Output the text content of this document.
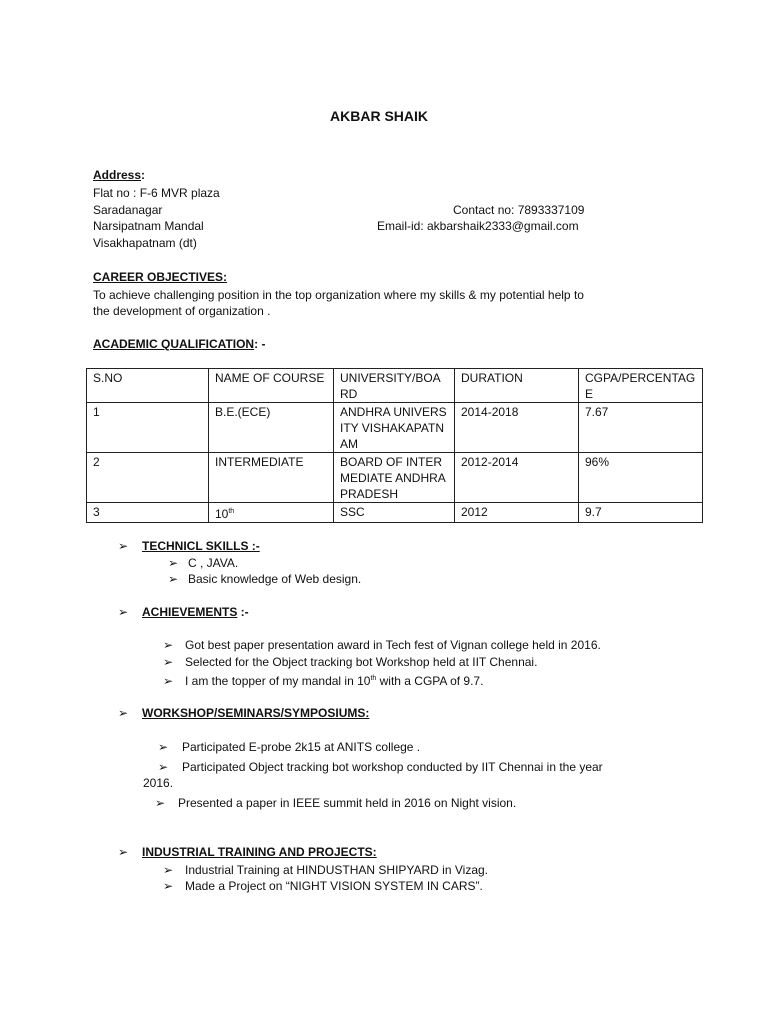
AKBAR SHAIK
Address:
Flat no : F-6 MVR plaza
Saradanagar
Narsipatnam Mandal
Visakhapatnam (dt)
Contact no: 7893337109
Email-id: akbarshaik2333@gmail.com
CAREER OBJECTIVES:
To achieve challenging position in the top organization where my skills & my potential help to
the development of organization .
ACADEMIC QUALIFICATION: -
S.NO	NAME OF COURSE	UNIVERSITY/BOARD	DURATION	CGPA/PERCENTAGE
1	B.E.(ECE)	ANDHRA UNIVERSITY VISHAKAPATNAM	2014-2018	7.67
2	INTERMEDIATE	BOARD OF INTERMEDIATE ANDHRAPRADESH	2012-2014	96%
3	10th	SSC	2012	9.7
➢ TECHNICL SKILLS :-
➢ C , JAVA.
➢ Basic knowledge of Web design.
➢ ACHIEVEMENTS :-
➢ Got best paper presentation award in Tech fest of Vignan college held in 2016.
➢ Selected for the Object tracking bot Workshop held at IIT Chennai.
➢ I am the topper of my mandal in 10th with a CGPA of 9.7.
➢ WORKSHOP/SEMINARS/SYMPOSIUMS:
➢ Participated E-probe 2k15 at ANITS college .
➢ Participated Object tracking bot workshop conducted by IIT Chennai in the year
2016.
➢ Presented a paper in IEEE summit held in 2016 on Night vision.
➢ INDUSTRIAL TRAINING AND PROJECTS:
➢ Industrial Training at HINDUSTHAN SHIPYARD in Vizag.
➢ Made a Project on “NIGHT VISION SYSTEM IN CARS”.
